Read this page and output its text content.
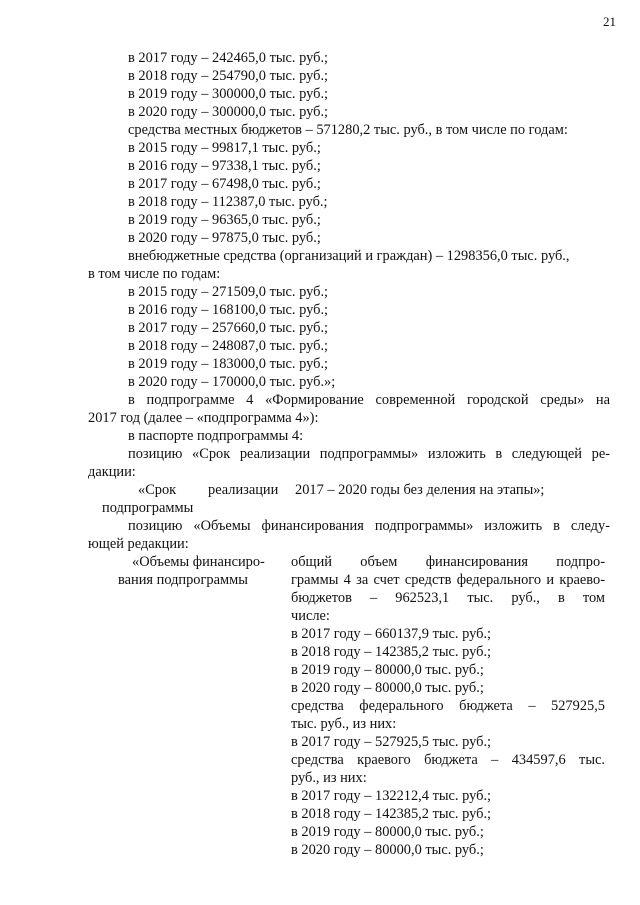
21
в 2017 году – 242465,0 тыс. руб.;
в 2018 году – 254790,0 тыс. руб.;
в 2019 году – 300000,0 тыс. руб.;
в 2020 году – 300000,0 тыс. руб.;
средства местных бюджетов – 571280,2 тыс. руб., в том числе по годам:
в 2015 году – 99817,1 тыс. руб.;
в 2016 году – 97338,1 тыс. руб.;
в 2017 году – 67498,0 тыс. руб.;
в 2018 году – 112387,0 тыс. руб.;
в 2019 году – 96365,0 тыс. руб.;
в 2020 году – 97875,0 тыс. руб.;
внебюджетные средства (организаций и граждан) – 1298356,0 тыс. руб.,
в том числе по годам:
в 2015 году – 271509,0 тыс. руб.;
в 2016 году – 168100,0 тыс. руб.;
в 2017 году – 257660,0 тыс. руб.;
в 2018 году – 248087,0 тыс. руб.;
в 2019 году – 183000,0 тыс. руб.;
в 2020 году – 170000,0 тыс. руб.»;
в подпрограмме 4 «Формирование современной городской среды» на
2017 год (далее – «подпрограмма 4»):
в паспорте подпрограммы 4:
позицию «Срок реализации подпрограммы» изложить в следующей ре-
дакции:
«Срок реализации 2017 – 2020 годы без деления на этапы»;
подпрограммы
позицию «Объемы финансирования подпрограммы» изложить в следу-
ющей редакции:
«Объемы финансиро-
вания подпрограммы
общий объем финансирования подпро-
граммы 4 за счет средств федерального и краево-
бюджетов – 962523,1 тыс. руб., в том
числе:
в 2017 году – 660137,9 тыс. руб.;
в 2018 году – 142385,2 тыс. руб.;
в 2019 году – 80000,0 тыс. руб.;
в 2020 году – 80000,0 тыс. руб.;
средства федерального бюджета – 527925,5
тыс. руб., из них:
в 2017 году – 527925,5 тыс. руб.;
средства краевого бюджета – 434597,6 тыс.
руб., из них:
в 2017 году – 132212,4 тыс. руб.;
в 2018 году – 142385,2 тыс. руб.;
в 2019 году – 80000,0 тыс. руб.;
в 2020 году – 80000,0 тыс. руб.;
